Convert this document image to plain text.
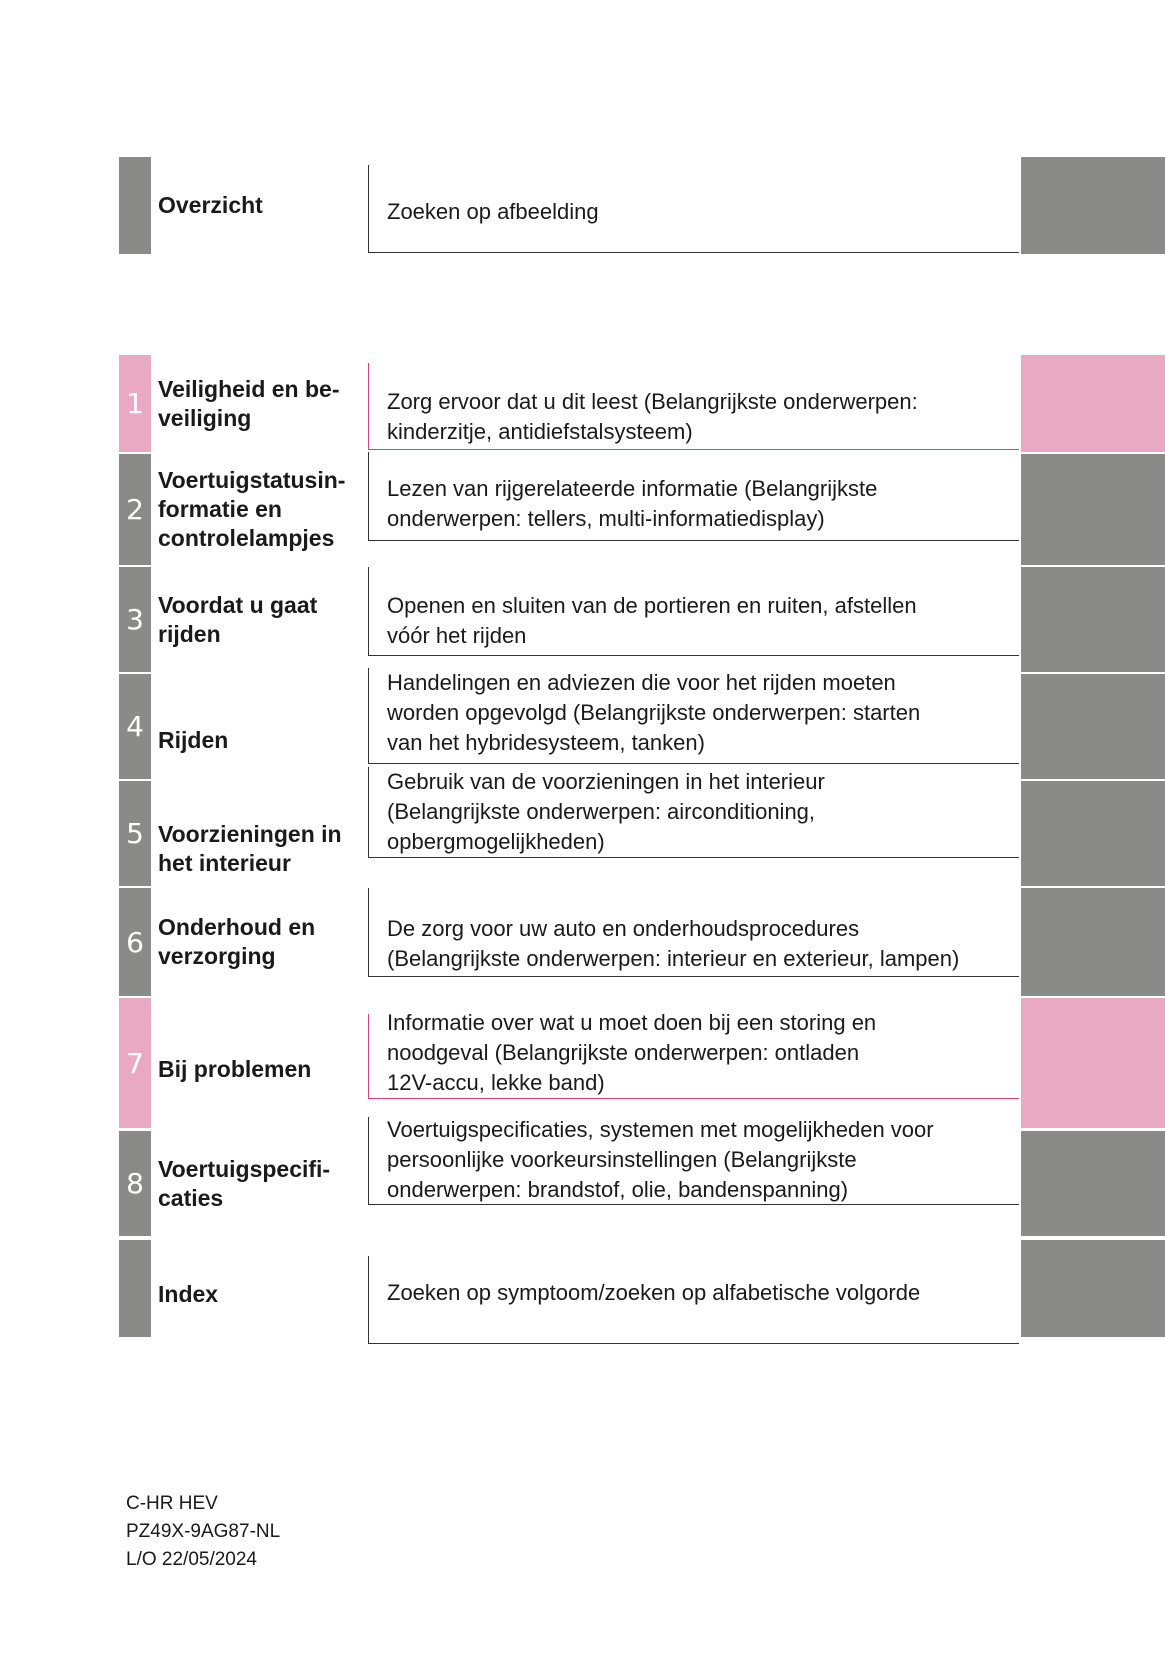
Overzicht	Zoeken op afbeelding
1 Veiligheid en be-
veiliging
Zorg ervoor dat u dit leest (Belangrijkste onderwerpen:
kinderzitje, antidiefstalsysteem)
2
Voertuigstatusin-
formatie en
controlelampjes
Lezen van rijgerelateerde informatie (Belangrijkste
onderwerpen: tellers, multi-informatiedisplay)
3 Voordat u gaat
rijden
Openen en sluiten van de portieren en ruiten, afstellen
vóór het rijden
4 Rijden
Handelingen en adviezen die voor het rijden moeten
worden opgevolgd (Belangrijkste onderwerpen: starten
van het hybridesysteem, tanken)
5 Voorzieningen in
het interieur
Gebruik van de voorzieningen in het interieur
(Belangrijkste onderwerpen: airconditioning,
opbergmogelijkheden)
6 Onderhoud en
verzorging
De zorg voor uw auto en onderhoudsprocedures
(Belangrijkste onderwerpen: interieur en exterieur, lampen)
7 Bij problemen
Informatie over wat u moet doen bij een storing en
noodgeval (Belangrijkste onderwerpen: ontladen
12V-accu, lekke band)
8 Voertuigspecifi-
caties
Voertuigspecificaties, systemen met mogelijkheden voor
persoonlijke voorkeursinstellingen (Belangrijkste
onderwerpen: brandstof, olie, bandenspanning)
Index	Zoeken op symptoom/zoeken op alfabetische volgorde
C-HR HEV
PZ49X-9AG87-NL
L/O 22/05/2024
